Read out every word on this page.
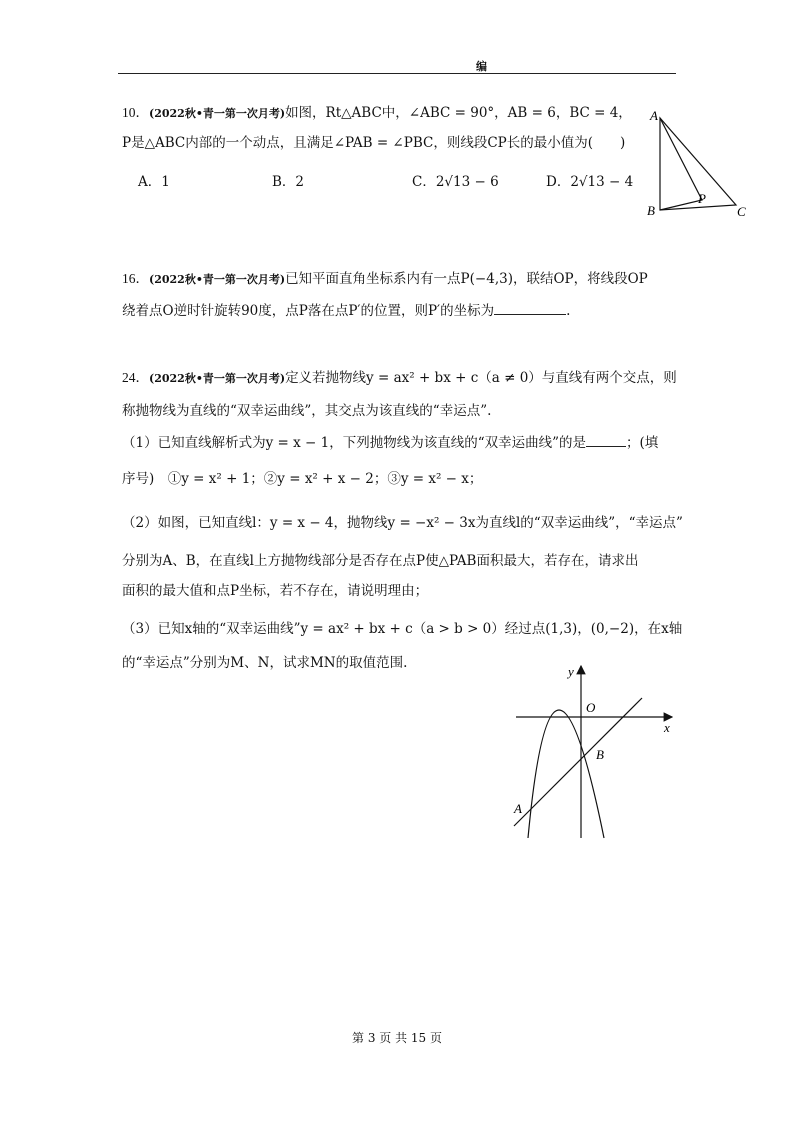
编
10．(2022秋•青一第一次月考)如图，Rt△ABC中，∠ABC = 90°，AB = 6，BC = 4，
P是△ABC内部的一个动点，且满足∠PAB = ∠PBC，则线段CP长的最小值为(　　)
A．1	B．2	C．2√13 − 6	D．2√13 − 4
A
B	C
P
16．(2022秋•青一第一次月考)已知平面直角坐标系内有一点P(−4,3)，联结OP，将线段OP
绕着点O逆时针旋转90度，点P落在点P′的位置，则P′的坐标为	.
24．(2022秋•青一第一次月考)定义若抛物线y = ax² + bx + c（a ≠ 0）与直线有两个交点，则
称抛物线为直线的“双幸运曲线”，其交点为该直线的“幸运点”.
（1）已知直线解析式为y = x − 1，下列抛物线为该直线的“双幸运曲线”的是	；(填
序号)　①y = x² + 1；②y = x² + x − 2；③y = x² − x；
（2）如图，已知直线l：y = x − 4，抛物线y = −x² − 3x为直线l的“双幸运曲线”，“幸运点”
分别为A、B，在直线l上方抛物线部分是否存在点P使△PAB面积最大，若存在，请求出
面积的最大值和点P坐标，若不存在，请说明理由；
（3）已知x轴的“双幸运曲线”y = ax² + bx + c（a > b > 0）经过点(1,3)，(0,−2)，在x轴
的“幸运点”分别为M、N，试求MN的取值范围.
y
x
O
A
B
第 3 页 共 15 页
